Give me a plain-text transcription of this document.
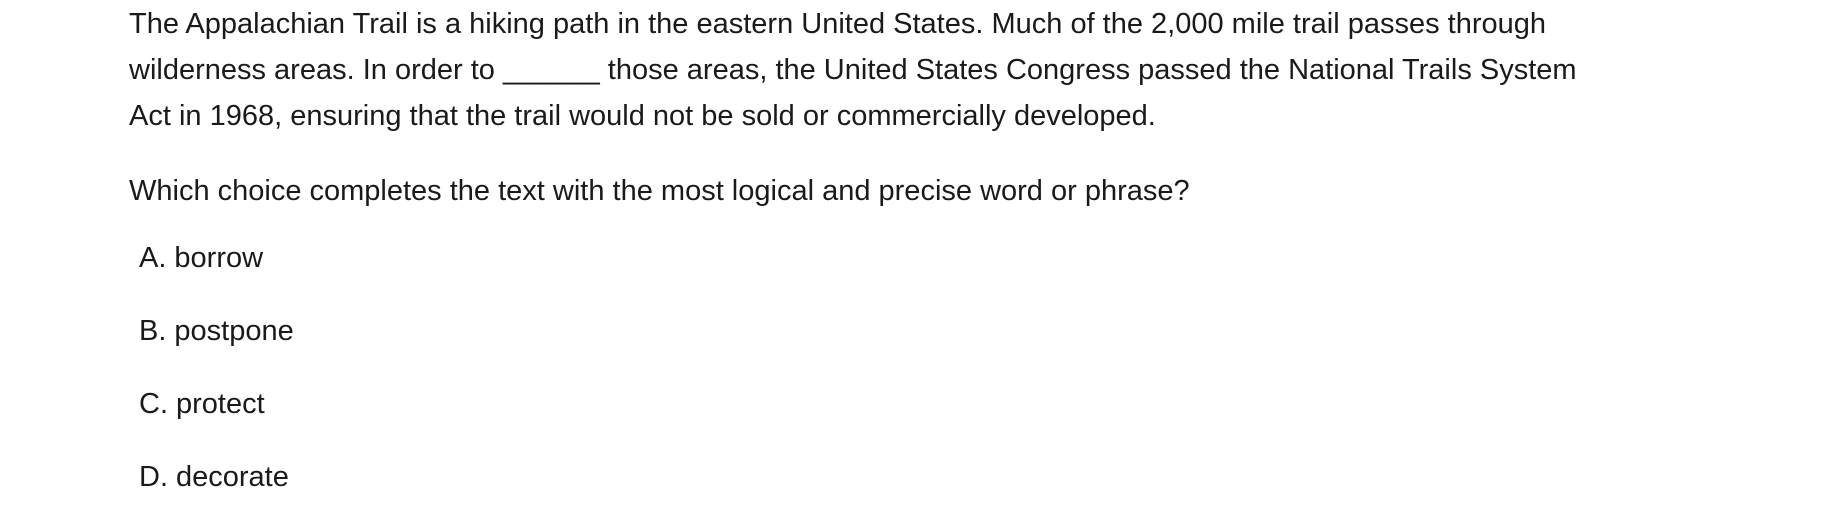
The Appalachian Trail is a hiking path in the eastern United States. Much of the 2,000 mile trail passes through
wilderness areas. In order to ______ those areas, the United States Congress passed the National Trails System
Act in 1968, ensuring that the trail would not be sold or commercially developed.

Which choice completes the text with the most logical and precise word or phrase?

A. borrow
B. postpone
C. protect
D. decorate
